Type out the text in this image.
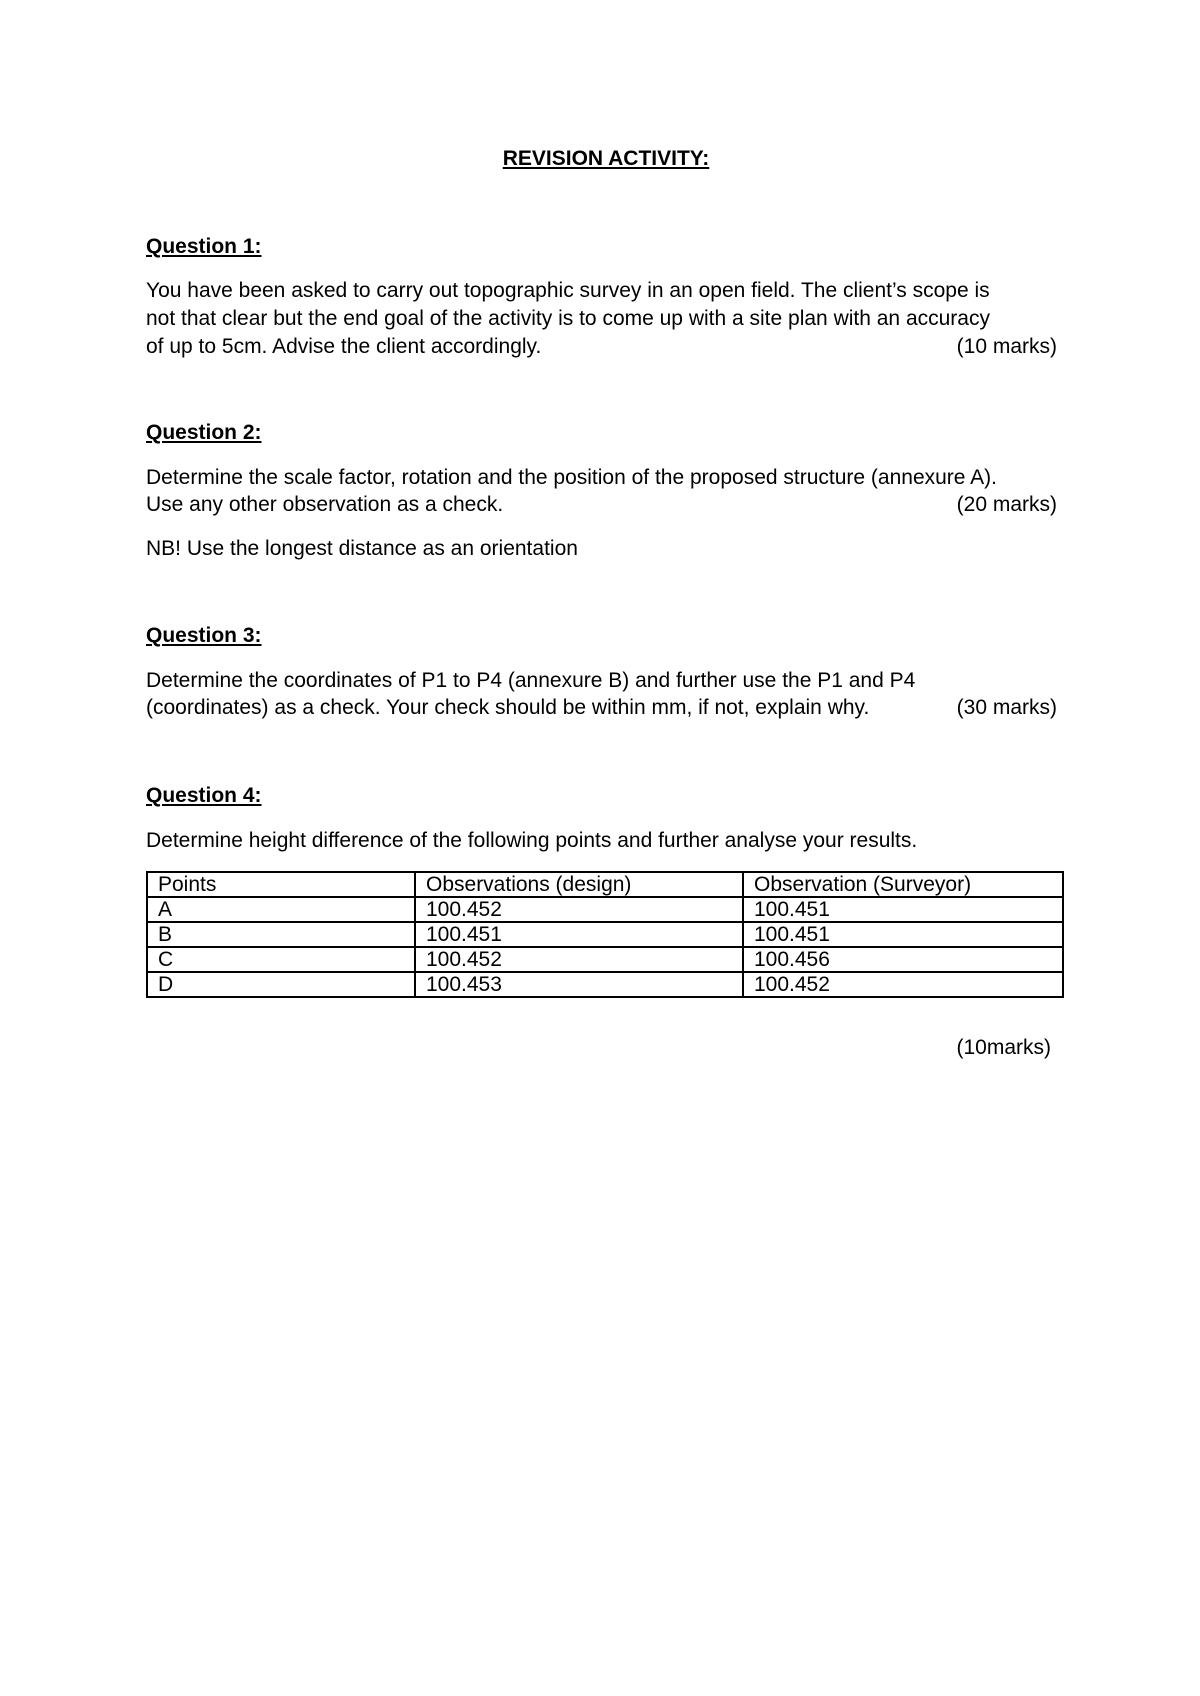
REVISION ACTIVITY:
Question 1:
You have been asked to carry out topographic survey in an open field. The client’s scope is
not that clear but the end goal of the activity is to come up with a site plan with an accuracy
of up to 5cm. Advise the client accordingly.	(10 marks)
Question 2:
Determine the scale factor, rotation and the position of the proposed structure (annexure A).
Use any other observation as a check.	(20 marks)
NB! Use the longest distance as an orientation
Question 3:
Determine the coordinates of P1 to P4 (annexure B) and further use the P1 and P4
(coordinates) as a check. Your check should be within mm, if not, explain why.	(30 marks)
Question 4:
Determine height difference of the following points and further analyse your results.
Points	Observations (design)	Observation (Surveyor)
A	100.452	100.451
B	100.451	100.451
C	100.452	100.456
D	100.453	100.452
(10marks)
